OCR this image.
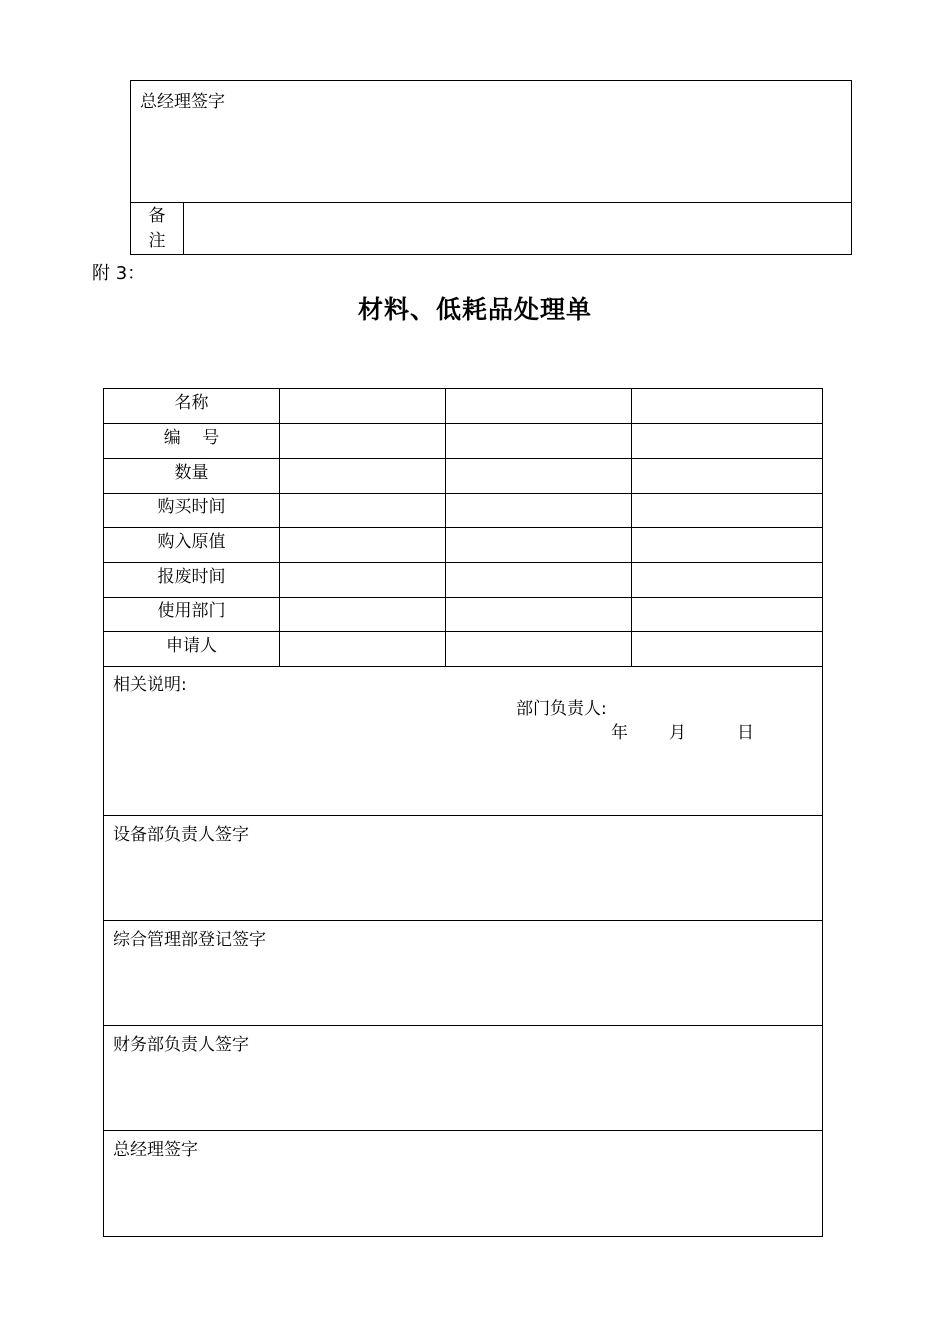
总经理签字
备
注
附 3：
材料、低耗品处理单
名称
编    号
数量
购买时间
购入原值
报废时间
使用部门
申请人
相关说明:
部门负责人:
年 月	日
设备部负责人签字
综合管理部登记签字
财务部负责人签字
总经理签字
